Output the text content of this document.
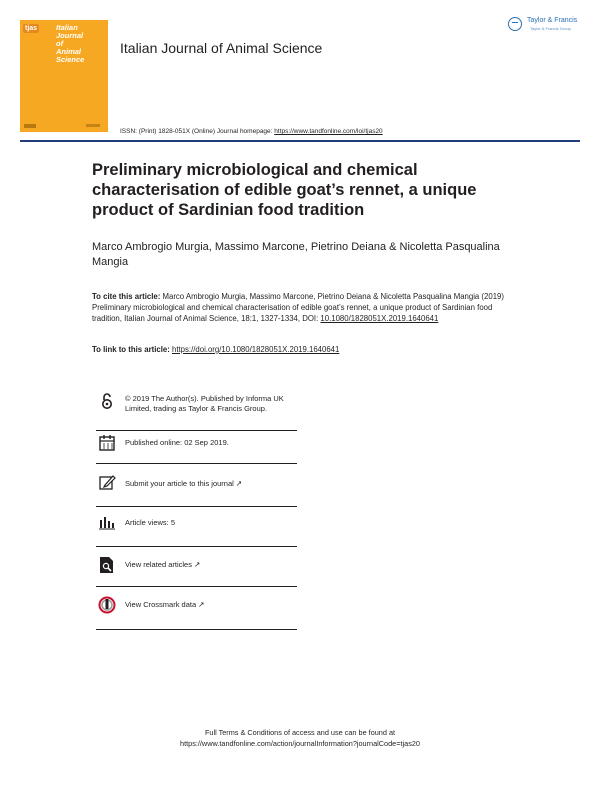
tjas	Italian
Journal
of
Animal
Science
Italian Journal of Animal Science
Taylor & Francis
Taylor & Francis Group
ISSN: (Print) 1828-051X (Online) Journal homepage: https://www.tandfonline.com/loi/tjas20
Preliminary microbiological and chemical characterisation of edible goat’s rennet, a unique product of Sardinian food tradition
Marco Ambrogio Murgia, Massimo Marcone, Pietrino Deiana & Nicoletta Pasqualina Mangia
To cite this article: Marco Ambrogio Murgia, Massimo Marcone, Pietrino Deiana & Nicoletta Pasqualina Mangia (2019) Preliminary microbiological and chemical characterisation of edible goat’s rennet, a unique product of Sardinian food tradition, Italian Journal of Animal Science, 18:1, 1327-1334, DOI: 10.1080/1828051X.2019.1640641
To link to this article: https://doi.org/10.1080/1828051X.2019.1640641
© 2019 The Author(s). Published by Informa UK Limited, trading as Taylor & Francis Group.
Published online: 02 Sep 2019.
Submit your article to this journal ↗
Article views: 5
View related articles ↗
View Crossmark data ↗
Full Terms & Conditions of access and use can be found at
https://www.tandfonline.com/action/journalInformation?journalCode=tjas20
